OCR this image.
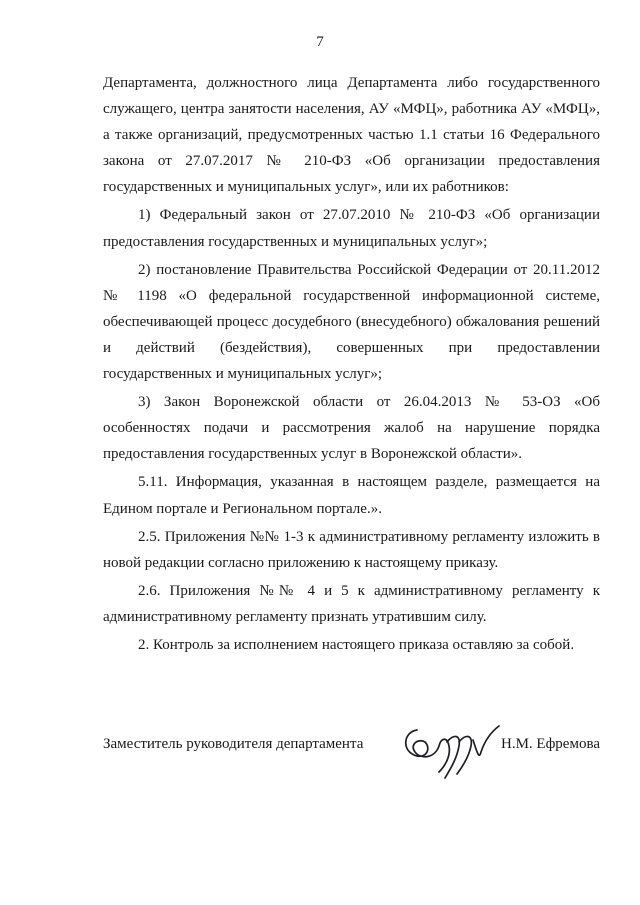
7

Департамента, должностного лица Департамента либо государственного служащего, центра занятости населения, АУ «МФЦ», работника АУ «МФЦ», а также организаций, предусмотренных частью 1.1 статьи 16 Федерального закона от 27.07.2017 № 210-ФЗ «Об организации предоставления государственных и муниципальных услуг», или их работников:

1) Федеральный закон от 27.07.2010 № 210-ФЗ «Об организации предоставления государственных и муниципальных услуг»;

2) постановление Правительства Российской Федерации от 20.11.2012 № 1198 «О федеральной государственной информационной системе, обеспечивающей процесс досудебного (внесудебного) обжалования решений и действий (бездействия), совершенных при предоставлении государственных и муниципальных услуг»;

3) Закон Воронежской области от 26.04.2013 № 53-ОЗ «Об особенностях подачи и рассмотрения жалоб на нарушение порядка предоставления государственных услуг в Воронежской области».

5.11. Информация, указанная в настоящем разделе, размещается на Едином портале и Региональном портале.».

2.5. Приложения №№ 1-3 к административному регламенту изложить в новой редакции согласно приложению к настоящему приказу.

2.6. Приложения №№ 4 и 5 к административному регламенту к административному регламенту признать утратившим силу.

2. Контроль за исполнением настоящего приказа оставляю за собой.

Заместитель руководителя департамента	Н.М. Ефремова
